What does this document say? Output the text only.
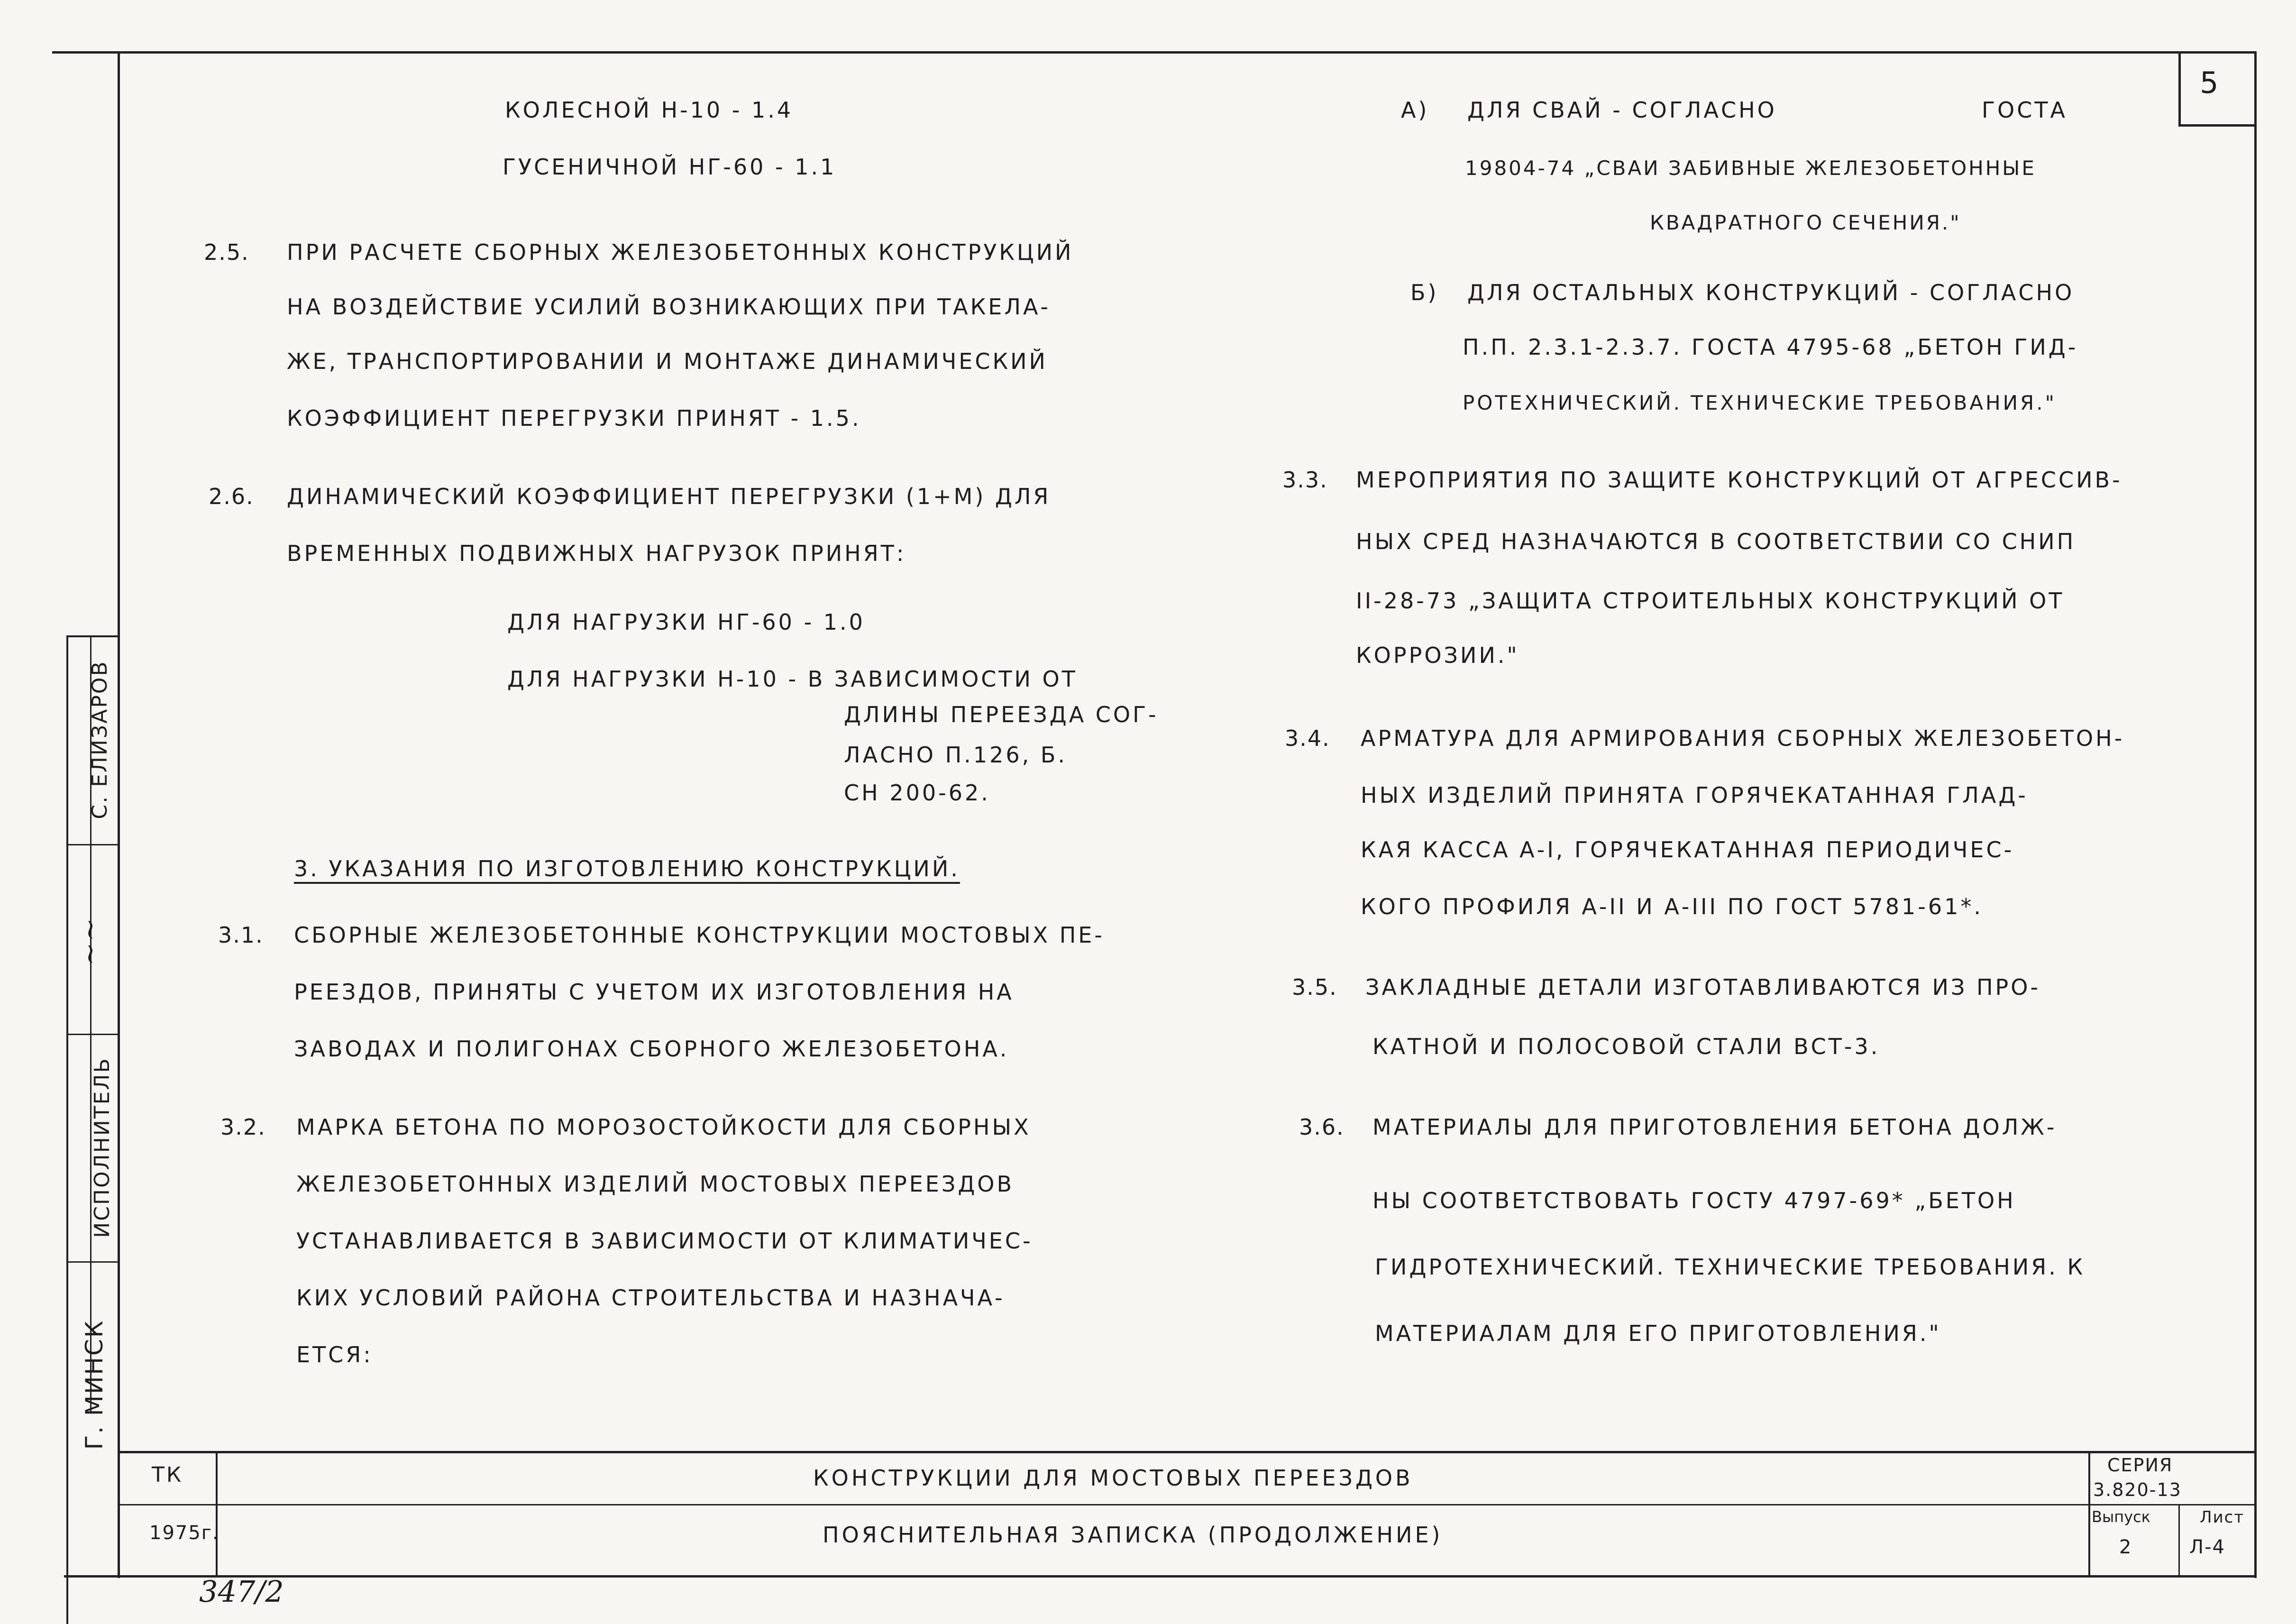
5
КОЛЕСНОЙ Н-10 - 1.4
ГУСЕНИЧНОЙ НГ-60 - 1.1
2.5. ПРИ РАСЧЕТЕ СБОРНЫХ ЖЕЛЕЗОБЕТОННЫХ КОНСТРУКЦИЙ
НА ВОЗДЕЙСТВИЕ УСИЛИЙ ВОЗНИКАЮЩИХ ПРИ ТАКЕЛА-
ЖЕ, ТРАНСПОРТИРОВАНИИ И МОНТАЖЕ ДИНАМИЧЕСКИЙ
КОЭФФИЦИЕНТ ПЕРЕГРУЗКИ ПРИНЯТ - 1.5.
2.6. ДИНАМИЧЕСКИЙ КОЭФФИЦИЕНТ ПЕРЕГРУЗКИ (1+Μ) ДЛЯ
ВРЕМЕННЫХ ПОДВИЖНЫХ НАГРУЗОК ПРИНЯТ:
ДЛЯ НАГРУЗКИ НГ-60 - 1.0
ДЛЯ НАГРУЗКИ Н-10 - В ЗАВИСИМОСТИ ОТ
ДЛИНЫ ПЕРЕЕЗДА СОГ-
ЛАСНО П.126, Б.
СН 200-62.
3. УКАЗАНИЯ ПО ИЗГОТОВЛЕНИЮ КОНСТРУКЦИЙ.
3.1. СБОРНЫЕ ЖЕЛЕЗОБЕТОННЫЕ КОНСТРУКЦИИ МОСТОВЫХ ПЕ-
РЕЕЗДОВ, ПРИНЯТЫ С УЧЕТОМ ИХ ИЗГОТОВЛЕНИЯ НА
ЗАВОДАХ И ПОЛИГОНАХ СБОРНОГО ЖЕЛЕЗОБЕТОНА.
3.2. МАРКА БЕТОНА ПО МОРОЗОСТОЙКОСТИ ДЛЯ СБОРНЫХ
ЖЕЛЕЗОБЕТОННЫХ ИЗДЕЛИЙ МОСТОВЫХ ПЕРЕЕЗДОВ
УСТАНАВЛИВАЕТСЯ В ЗАВИСИМОСТИ ОТ КЛИМАТИЧЕС-
КИХ УСЛОВИЙ РАЙОНА СТРОИТЕЛЬСТВА И НАЗНАЧА-
ЕТСЯ:
А) ДЛЯ СВАЙ - СОГЛАСНО	ГОСТА
19804-74 „СВАИ ЗАБИВНЫЕ ЖЕЛЕЗОБЕТОННЫЕ
КВАДРАТНОГО СЕЧЕНИЯ."
Б) ДЛЯ ОСТАЛЬНЫХ КОНСТРУКЦИЙ - СОГЛАСНО
П.П. 2.3.1-2.3.7. ГОСТА 4795-68 „БЕТОН ГИД-
РОТЕХНИЧЕСКИЙ. ТЕХНИЧЕСКИЕ ТРЕБОВАНИЯ."
3.3. МЕРОПРИЯТИЯ ПО ЗАЩИТЕ КОНСТРУКЦИЙ ОТ АГРЕССИВ-
НЫХ СРЕД НАЗНАЧАЮТСЯ В СООТВЕТСТВИИ СО СНИП
II-28-73 „ЗАЩИТА СТРОИТЕЛЬНЫХ КОНСТРУКЦИЙ ОТ
КОРРОЗИИ."
3.4. АРМАТУРА ДЛЯ АРМИРОВАНИЯ СБОРНЫХ ЖЕЛЕЗОБЕТОН-
НЫХ ИЗДЕЛИЙ ПРИНЯТА ГОРЯЧЕКАТАННАЯ ГЛАД-
КАЯ КАССА А-I, ГОРЯЧЕКАТАННАЯ ПЕРИОДИЧЕС-
КОГО ПРОФИЛЯ А-II И А-III ПО ГОСТ 5781-61*.
3.5. ЗАКЛАДНЫЕ ДЕТАЛИ ИЗГОТАВЛИВАЮТСЯ ИЗ ПРО-
КАТНОЙ И ПОЛОСОВОЙ СТАЛИ ВСТ-3.
3.6. МАТЕРИАЛЫ ДЛЯ ПРИГОТОВЛЕНИЯ БЕТОНА ДОЛЖ-
НЫ СООТВЕТСТВОВАТЬ ГОСТУ 4797-69* „БЕТОН
ГИДРОТЕХНИЧЕСКИЙ. ТЕХНИЧЕСКИЕ ТРЕБОВАНИЯ. К
МАТЕРИАЛАМ ДЛЯ ЕГО ПРИГОТОВЛЕНИЯ."
С. ЕЛИЗАРОВ
~~
ИСПОЛНИТЕЛЬ
Г. МИНСК
ТК
1975г.
КОНСТРУКЦИИ ДЛЯ МОСТОВЫХ ПЕРЕЕЗДОВ
ПОЯСНИТЕЛЬНАЯ ЗАПИСКА (ПРОДОЛЖЕНИЕ)
СЕРИЯ
3.820-13
Выпуск
2
Лист
Л-4
347/2
